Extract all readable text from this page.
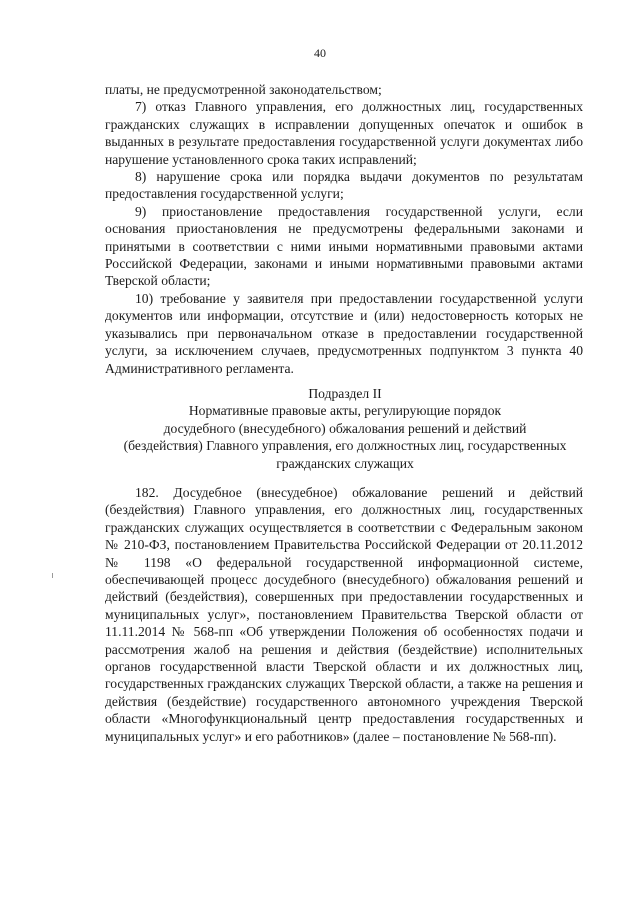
40

платы, не предусмотренной законодательством;

7) отказ Главного управления, его должностных лиц, государственных гражданских служащих в исправлении допущенных опечаток и ошибок в выданных в результате предоставления государственной услуги документах либо нарушение установленного срока таких исправлений;

8) нарушение срока или порядка выдачи документов по результатам предоставления государственной услуги;

9) приостановление предоставления государственной услуги, если основания приостановления не предусмотрены федеральными законами и принятыми в соответствии с ними иными нормативными правовыми актами Российской Федерации, законами и иными нормативными правовыми актами Тверской области;

10) требование у заявителя при предоставлении государственной услуги документов или информации, отсутствие и (или) недостоверность которых не указывались при первоначальном отказе в предоставлении государственной услуги, за исключением случаев, предусмотренных подпунктом 3 пункта 40 Административного регламента.

Подраздел II

Нормативные правовые акты, регулирующие порядок

досудебного (внесудебного) обжалования решений и действий

(бездействия) Главного управления, его должностных лиц, государственных

гражданских служащих

182. Досудебное (внесудебное) обжалование решений и действий (бездействия) Главного управления, его должностных лиц, государственных гражданских служащих осуществляется в соответствии с Федеральным законом № 210-ФЗ, постановлением Правительства Российской Федерации от 20.11.2012 № 1198 «О федеральной государственной информационной системе, обеспечивающей процесс досудебного (внесудебного) обжалования решений и действий (бездействия), совершенных при предоставлении государственных и муниципальных услуг», постановлением Правительства Тверской области от 11.11.2014 № 568-пп «Об утверждении Положения об особенностях подачи и рассмотрения жалоб на решения и действия (бездействие) исполнительных органов государственной власти Тверской области и их должностных лиц, государственных гражданских служащих Тверской области, а также на решения и действия (бездействие) государственного автономного учреждения Тверской области «Многофункциональный центр предоставления государственных и муниципальных услуг» и его работников» (далее – постановление № 568-пп).
